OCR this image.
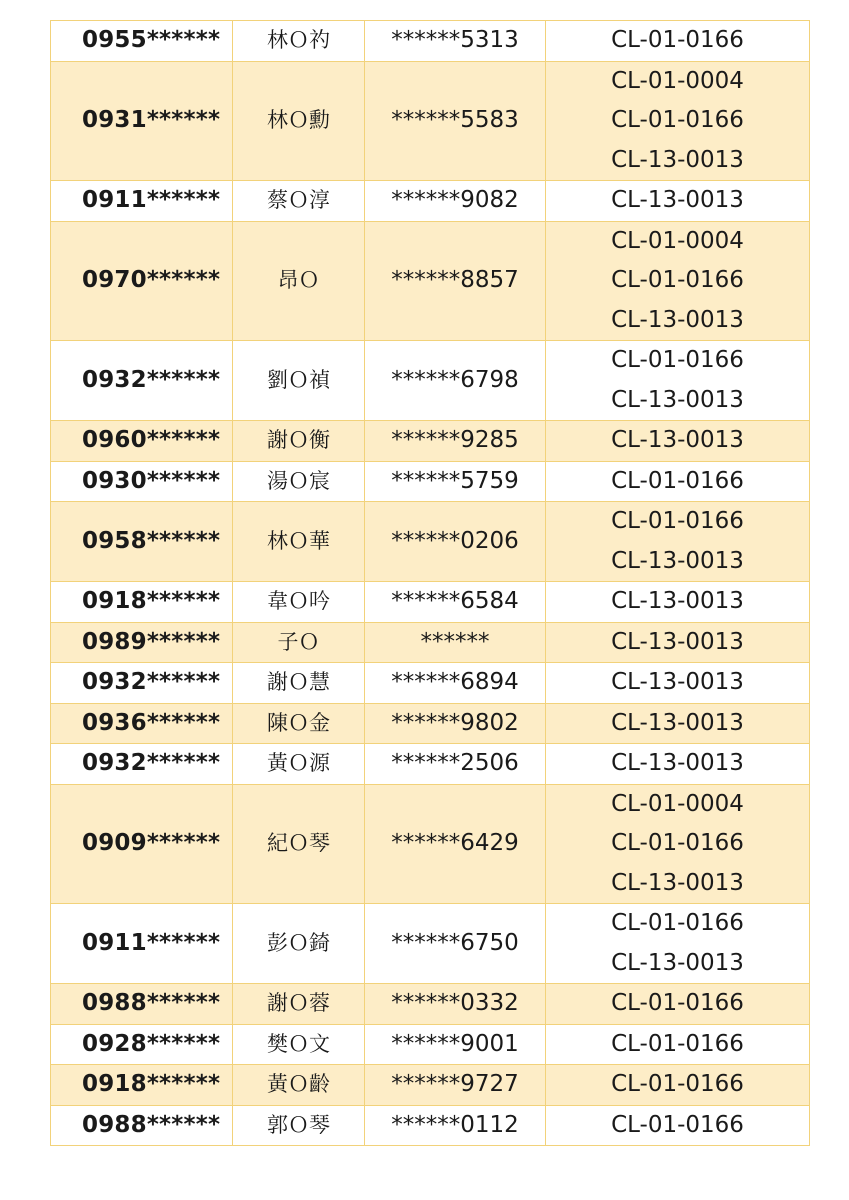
0955******	林Ｏ礿	******5313	CL-01-0166

0931******	林Ｏ勳	******5583	CL-01-0004
CL-01-0166
CL-13-0013

0911******	蔡Ｏ淳	******9082	CL-13-0013

0970******	昂Ｏ	******8857	CL-01-0004
CL-01-0166
CL-13-0013

0932******	劉Ｏ禎	******6798	CL-01-0166
CL-13-0013

0960******	謝Ｏ衡	******9285	CL-13-0013

0930******	湯Ｏ宸	******5759	CL-01-0166

0958******	林Ｏ華	******0206	CL-01-0166
CL-13-0013

0918******	韋Ｏ吟	******6584	CL-13-0013

0989******	子Ｏ	******	CL-13-0013

0932******	謝Ｏ慧	******6894	CL-13-0013

0936******	陳Ｏ金	******9802	CL-13-0013

0932******	黃Ｏ源	******2506	CL-13-0013

0909******	紀Ｏ琴	******6429	CL-01-0004
CL-01-0166
CL-13-0013

0911******	彭Ｏ錡	******6750	CL-01-0166
CL-13-0013

0988******	謝Ｏ蓉	******0332	CL-01-0166

0928******	樊Ｏ文	******9001	CL-01-0166

0918******	黃Ｏ齡	******9727	CL-01-0166

0988******	郭Ｏ琴	******0112	CL-01-0166
